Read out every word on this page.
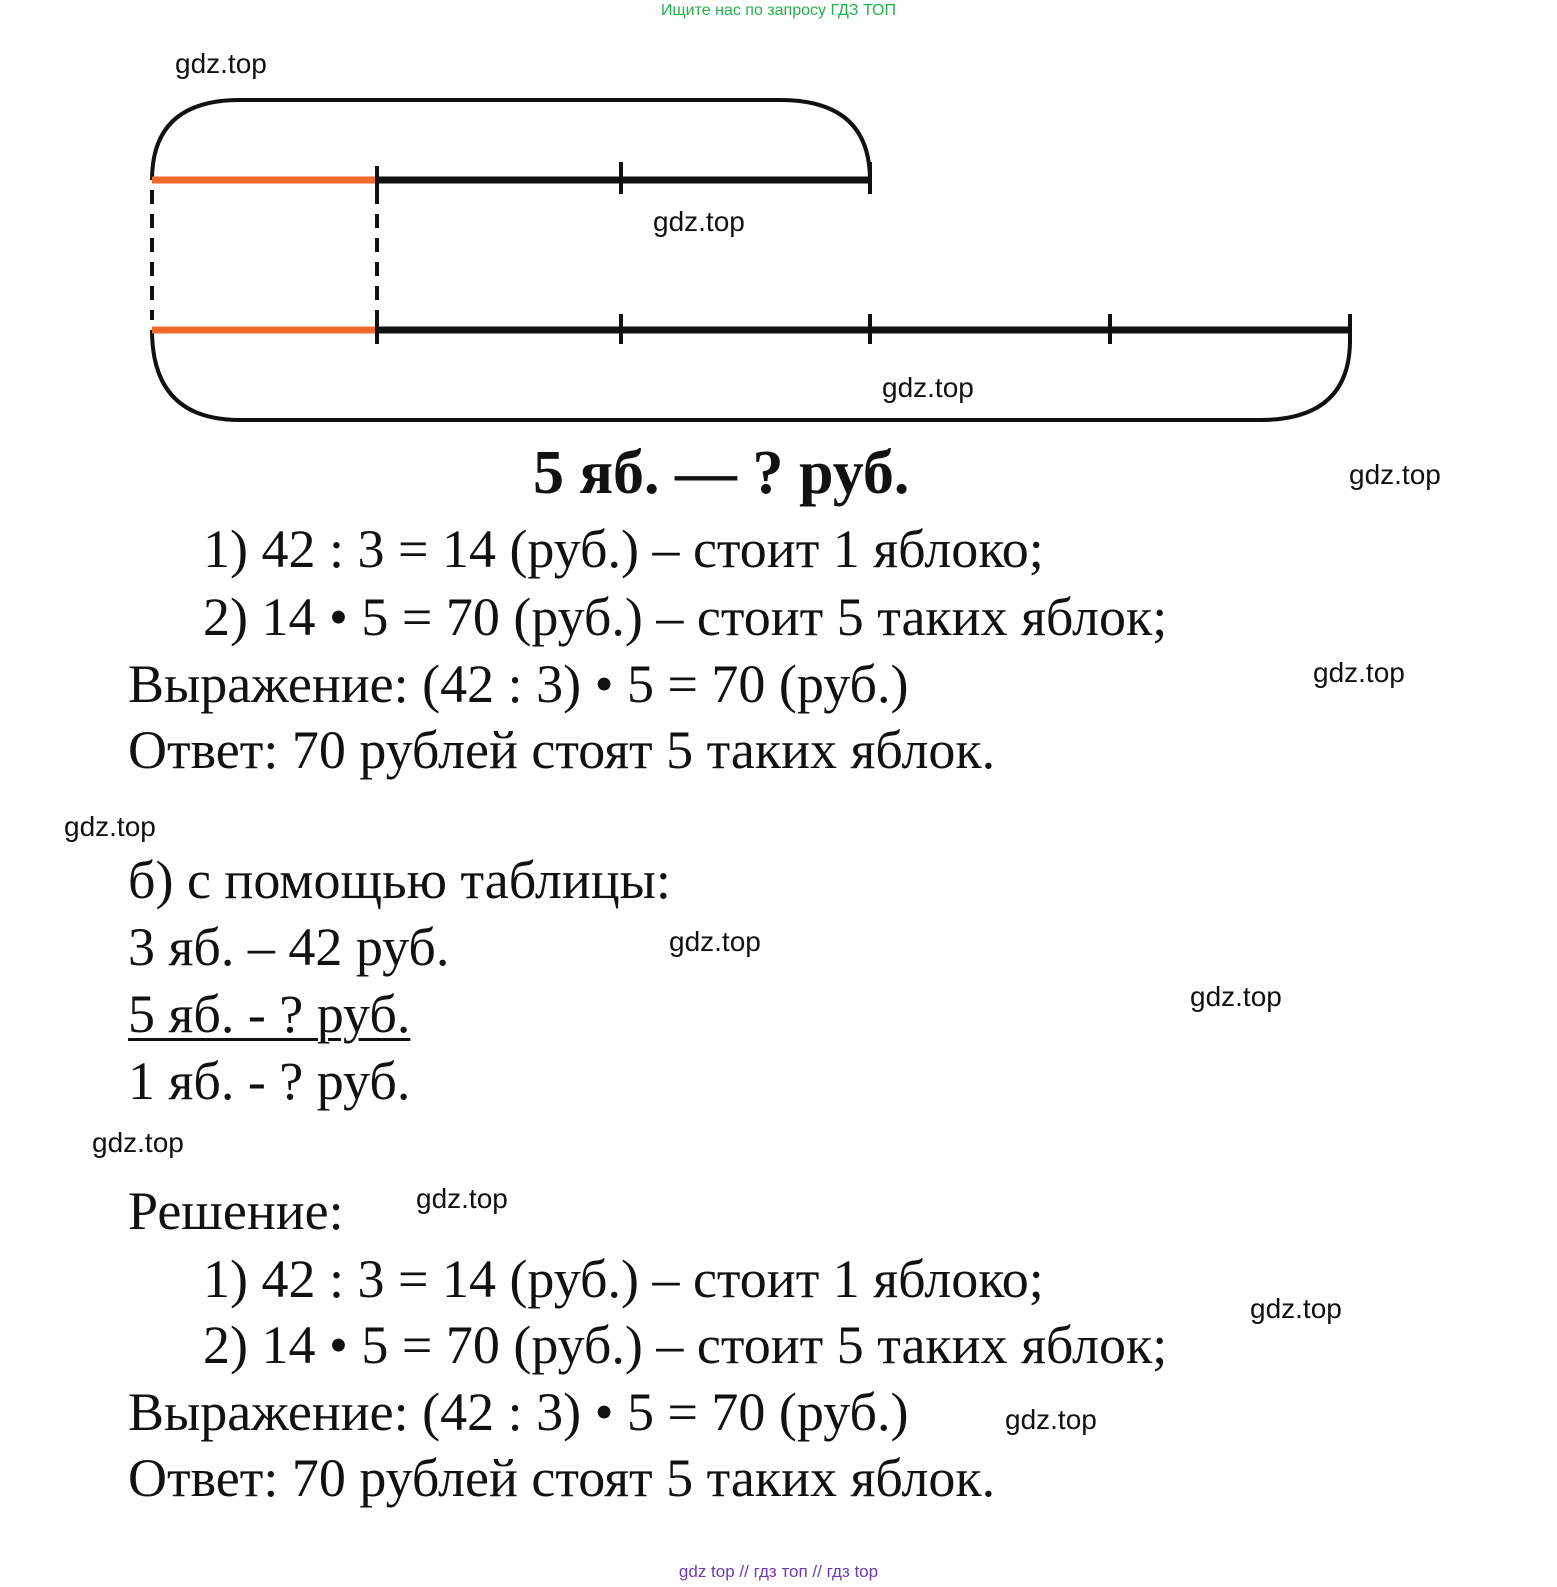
Ищите нас по запросу ГДЗ ТОП
5 яб. — ? руб.
1) 42 : 3 = 14 (руб.) – стоит 1 яблоко;
2) 14 • 5 = 70 (руб.) – стоит 5 таких яблок;
Выражение: (42 : 3) • 5 = 70 (руб.)
Ответ: 70 рублей стоят 5 таких яблок.
б) с помощью таблицы:
3 яб. – 42 руб.
5 яб. - ? руб.
1 яб. - ? руб.
Решение:
1) 42 : 3 = 14 (руб.) – стоит 1 яблоко;
2) 14 • 5 = 70 (руб.) – стоит 5 таких яблок;
Выражение: (42 : 3) • 5 = 70 (руб.)
Ответ: 70 рублей стоят 5 таких яблок.
gdz.top
gdz.top
gdz.top
gdz.top
gdz.top
gdz.top
gdz.top
gdz.top
gdz.top
gdz.top
gdz.top
gdz.top
gdz top // гдз топ // гдз top
